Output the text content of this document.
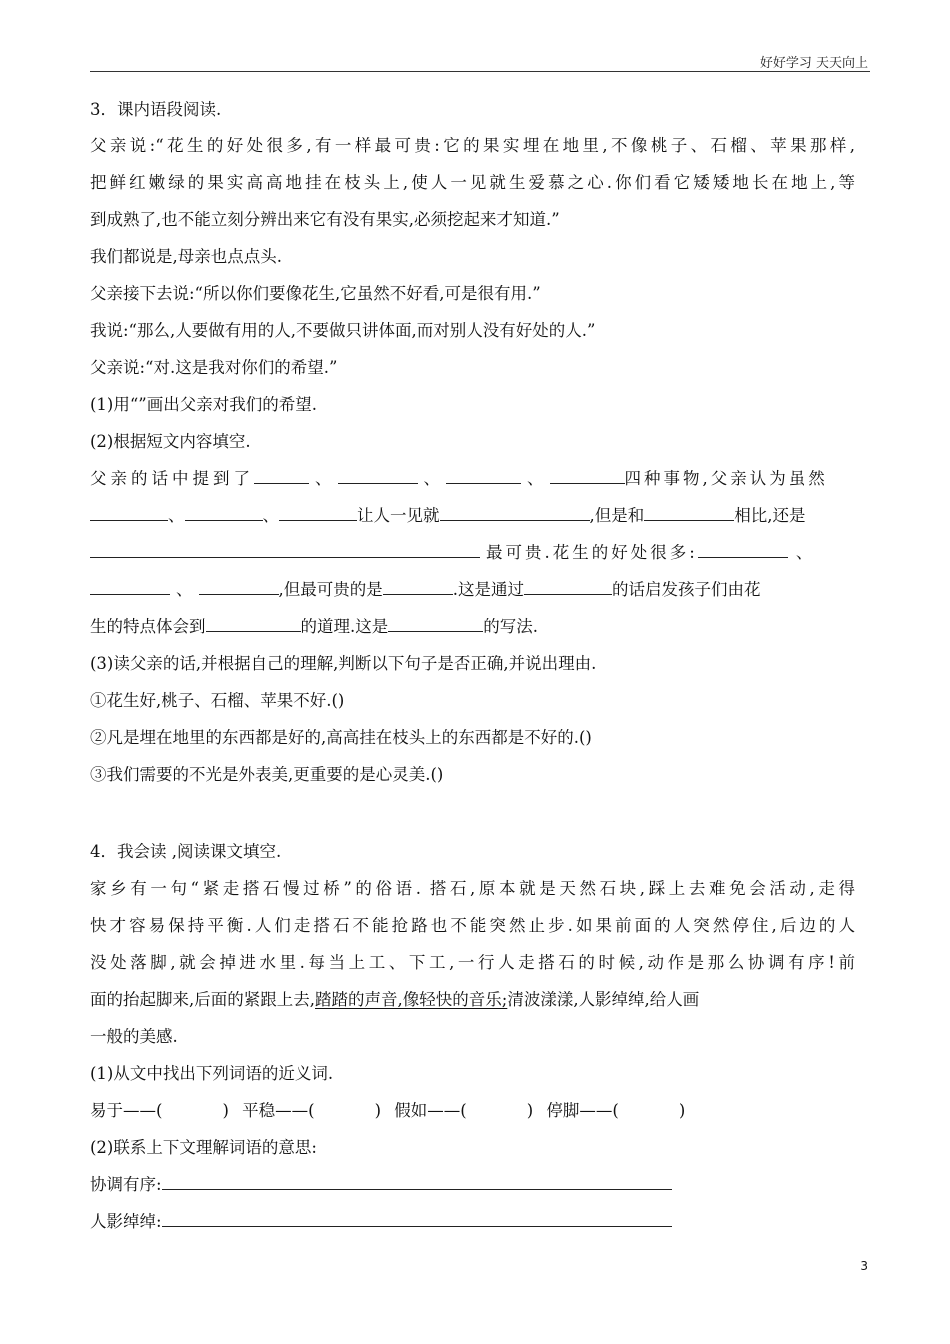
好好学习 天天向上
3．课内语段阅读.
父亲说:“花生的好处很多,有一样最可贵:它的果实埋在地里,不像桃子、石榴、苹果那样,
把鲜红嫩绿的果实高高地挂在枝头上,使人一见就生爱慕之心.你们看它矮矮地长在地上,等
到成熟了,也不能立刻分辨出来它有没有果实,必须挖起来才知道.”
我们都说是,母亲也点点头.
父亲接下去说:“所以你们要像花生,它虽然不好看,可是很有用.”
我说:“那么,人要做有用的人,不要做只讲体面,而对别人没有好处的人.”
父亲说:“对.这是我对你们的希望.”
(1)用“”画出父亲对我们的希望.
(2)根据短文内容填空.
父亲的话中提到了	、	、	、	四种事物,父亲认为虽然
、	、	让人一见就	,但是和	相比,还是
最可贵.花生的好处很多:	、
、	,但最可贵的是	.这是通过	的话启发孩子们由花
生的特点体会到	的道理.这是	的写法.
(3)读父亲的话,并根据自己的理解,判断以下句子是否正确,并说出理由.
①花生好,桃子、石榴、苹果不好.()
②凡是埋在地里的东西都是好的,高高挂在枝头上的东西都是不好的.()
③我们需要的不光是外表美,更重要的是心灵美.()
4．我会读 ,阅读课文填空.
家乡有一句“紧走搭石慢过桥”的俗语. 搭石,原本就是天然石块,踩上去难免会活动,走得
快才容易保持平衡.人们走搭石不能抢路也不能突然止步.如果前面的人突然停住,后边的人
没处落脚,就会掉进水里.每当上工、下工,一行人走搭石的时候,动作是那么协调有序!前
面的抬起脚来,后面的紧跟上去,踏踏的声音,像轻快的音乐;清波漾漾,人影绰绰,给人画
一般的美感.
(1)从文中找出下列词语的近义词.
易于——(	) 平稳——(	) 假如——(	) 停脚——(	)
(2)联系上下文理解词语的意思:
协调有序:
人影绰绰:
3
